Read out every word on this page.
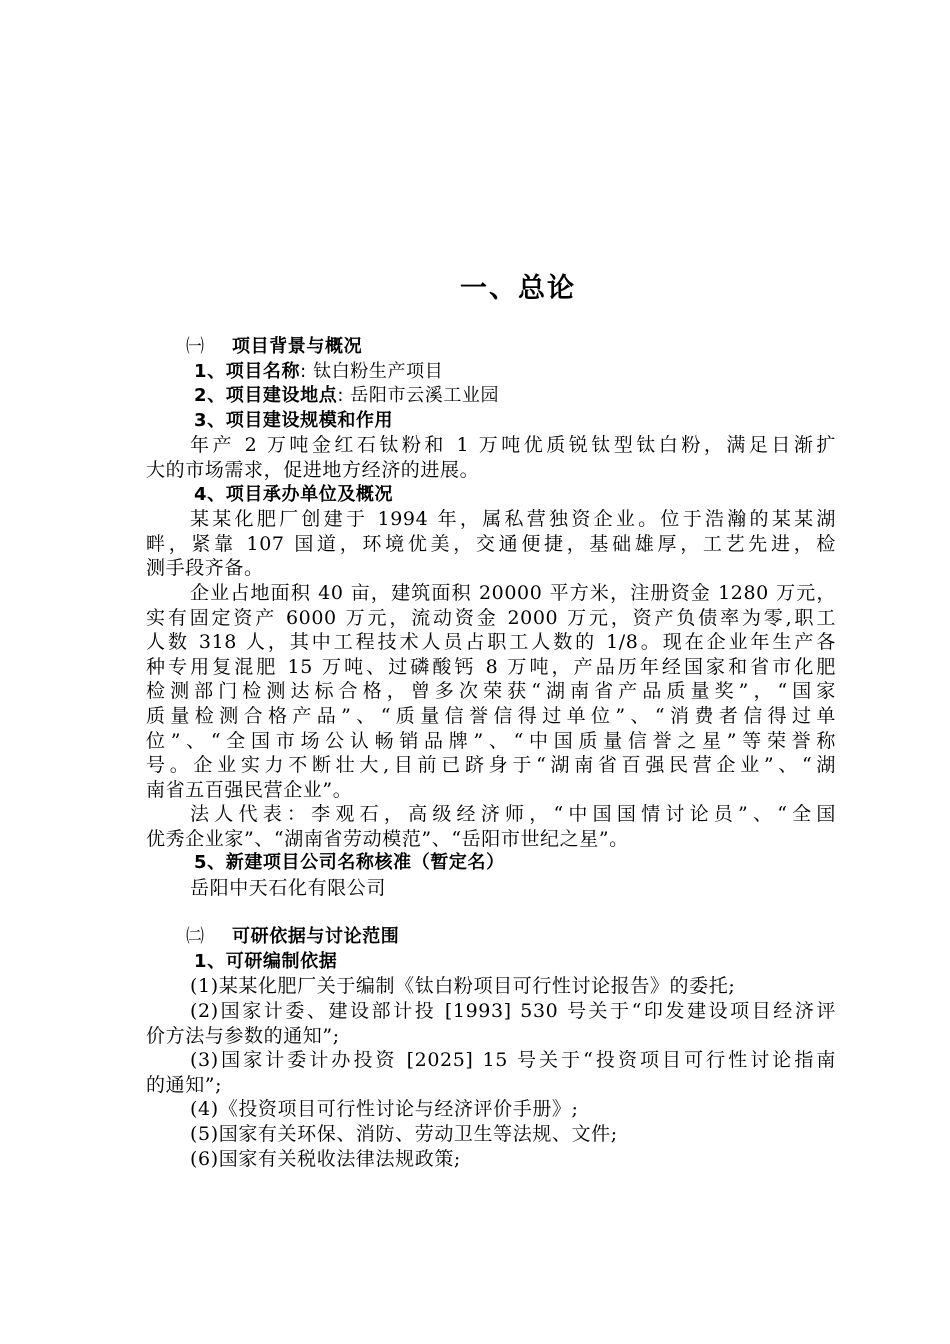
一、总论
㈠ 项目背景与概况
1、项目名称: 钛白粉生产项目
2、项目建设地点: 岳阳市云溪工业园
3、项目建设规模和作用
年产 2 万吨金红石钛粉和 1 万吨优质锐钛型钛白粉，满足日渐扩
大的市场需求，促进地方经济的进展。
4、项目承办单位及概况
某某化肥厂创建于 1994 年，属私营独资企业。位于浩瀚的某某湖
畔，紧靠 107 国道，环境优美，交通便捷，基础雄厚，工艺先进，检
测手段齐备。
企业占地面积 40 亩，建筑面积 20000 平方米，注册资金 1280 万元，
实有固定资产 6000 万元，流动资金 2000 万元，资产负债率为零,职工
人数 318 人，其中工程技术人员占职工人数的 1/8。现在企业年生产各
种专用复混肥 15 万吨、过磷酸钙 8 万吨，产品历年经国家和省市化肥
检测部门检测达标合格，曾多次荣获“湖南省产品质量奖”，“国家
质量检测合格产品”、“质量信誉信得过单位”、“消费者信得过单
位”、“全国市场公认畅销品牌”、“中国质量信誉之星”等荣誉称
号。企业实力不断壮大,目前已跻身于“湖南省百强民营企业”、“湖
南省五百强民营企业”。
法人代表：李观石，高级经济师，“中国国情讨论员”、“全国
优秀企业家”、“湖南省劳动模范”、“岳阳市世纪之星”。
5、新建项目公司名称核准（暂定名）
岳阳中天石化有限公司
㈡ 可研依据与讨论范围
1、可研编制依据
(1)某某化肥厂关于编制《钛白粉项目可行性讨论报告》的委托;
(2)国家计委、建设部计投 [1993] 530 号关于“印发建设项目经济评
价方法与参数的通知”;
(3)国家计委计办投资 [2025] 15 号关于“投资项目可行性讨论指南
的通知”;
(4)《投资项目可行性讨论与经济评价手册》;
(5)国家有关环保、消防、劳动卫生等法规、文件;
(6)国家有关税收法律法规政策;
